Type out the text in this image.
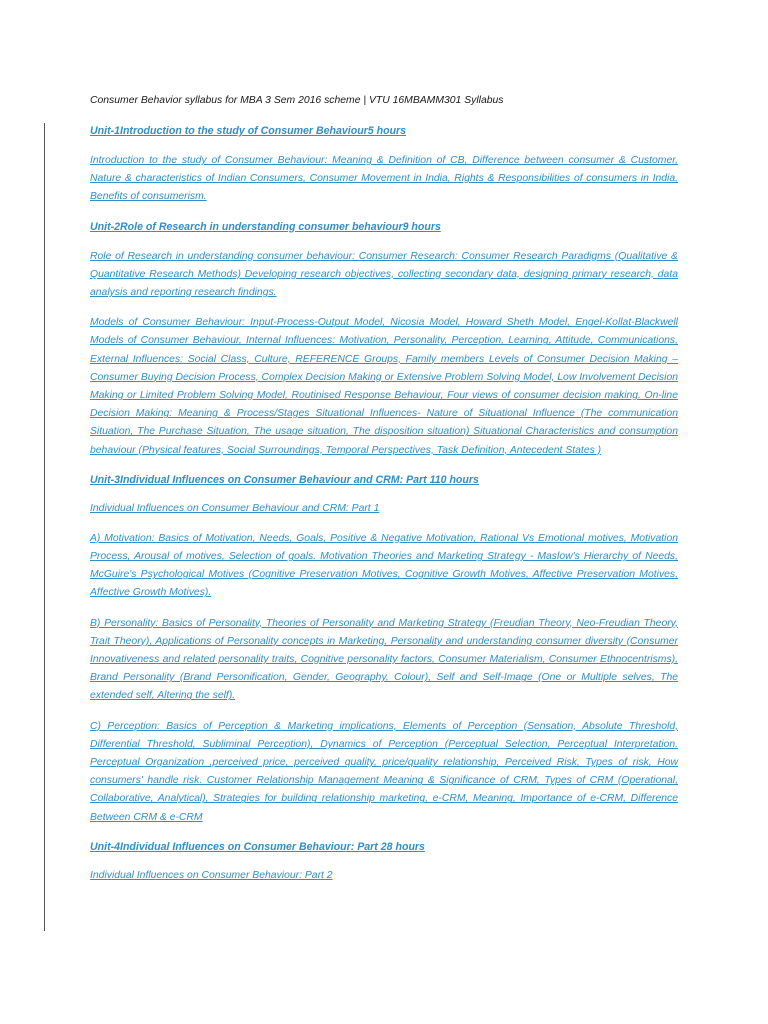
Consumer Behavior syllabus for MBA 3 Sem 2016 scheme | VTU 16MBAMM301 Syllabus

Unit-1Introduction to the study of Consumer Behaviour5 hours

Introduction to the study of Consumer Behaviour: Meaning & Definition of CB, Difference between consumer & Customer, Nature & characteristics of Indian Consumers, Consumer Movement in India, Rights & Responsibilities of consumers in India, Benefits of consumerism.

Unit-2Role of Research in understanding consumer behaviour9 hours

Role of Research in understanding consumer behaviour: Consumer Research: Consumer Research Paradigms (Qualitative & Quantitative Research Methods) Developing research objectives, collecting secondary data, designing primary research, data analysis and reporting research findings.

Models of Consumer Behaviour: Input-Process-Output Model, Nicosia Model, Howard Sheth Model, Engel-Kollat-Blackwell Models of Consumer Behaviour, Internal Influences: Motivation, Personality, Perception, Learning, Attitude, Communications, External Influences: Social Class, Culture, REFERENCE Groups, Family members Levels of Consumer Decision Making – Consumer Buying Decision Process, Complex Decision Making or Extensive Problem Solving Model, Low Involvement Decision Making or Limited Problem Solving Model, Routinised Response Behaviour, Four views of consumer decision making. On-line Decision Making: Meaning & Process/Stages Situational Influences- Nature of Situational Influence (The communication Situation, The Purchase Situation, The usage situation, The disposition situation) Situational Characteristics and consumption behaviour (Physical features, Social Surroundings, Temporal Perspectives, Task Definition, Antecedent States )

Unit-3Individual Influences on Consumer Behaviour and CRM: Part 110 hours

Individual Influences on Consumer Behaviour and CRM: Part 1

A) Motivation: Basics of Motivation, Needs, Goals, Positive & Negative Motivation, Rational Vs Emotional motives, Motivation Process, Arousal of motives, Selection of goals. Motivation Theories and Marketing Strategy - Maslow's Hierarchy of Needs, McGuire's Psychological Motives (Cognitive Preservation Motives, Cognitive Growth Motives, Affective Preservation Motives, Affective Growth Motives).

B) Personality: Basics of Personality, Theories of Personality and Marketing Strategy (Freudian Theory, Neo-Freudian Theory, Trait Theory), Applications of Personality concepts in Marketing, Personality and understanding consumer diversity (Consumer Innovativeness and related personality traits, Cognitive personality factors, Consumer Materialism, Consumer Ethnocentrisms), Brand Personality (Brand Personification, Gender, Geography, Colour), Self and Self-Image (One or Multiple selves, The extended self, Altering the self).

C) Perception: Basics of Perception & Marketing implications, Elements of Perception (Sensation, Absolute Threshold, Differential Threshold, Subliminal Perception), Dynamics of Perception (Perceptual Selection, Perceptual Interpretation. Perceptual Organization ,perceived price, perceived quality, price/quality relationship, Perceived Risk, Types of risk, How consumers' handle risk. Customer Relationship Management Meaning & Significance of CRM, Types of CRM (Operational, Collaborative, Analytical), Strategies for building relationship marketing, e-CRM, Meaning, Importance of e-CRM, Difference Between CRM & e-CRM

Unit-4Individual Influences on Consumer Behaviour: Part 28 hours

Individual Influences on Consumer Behaviour: Part 2
